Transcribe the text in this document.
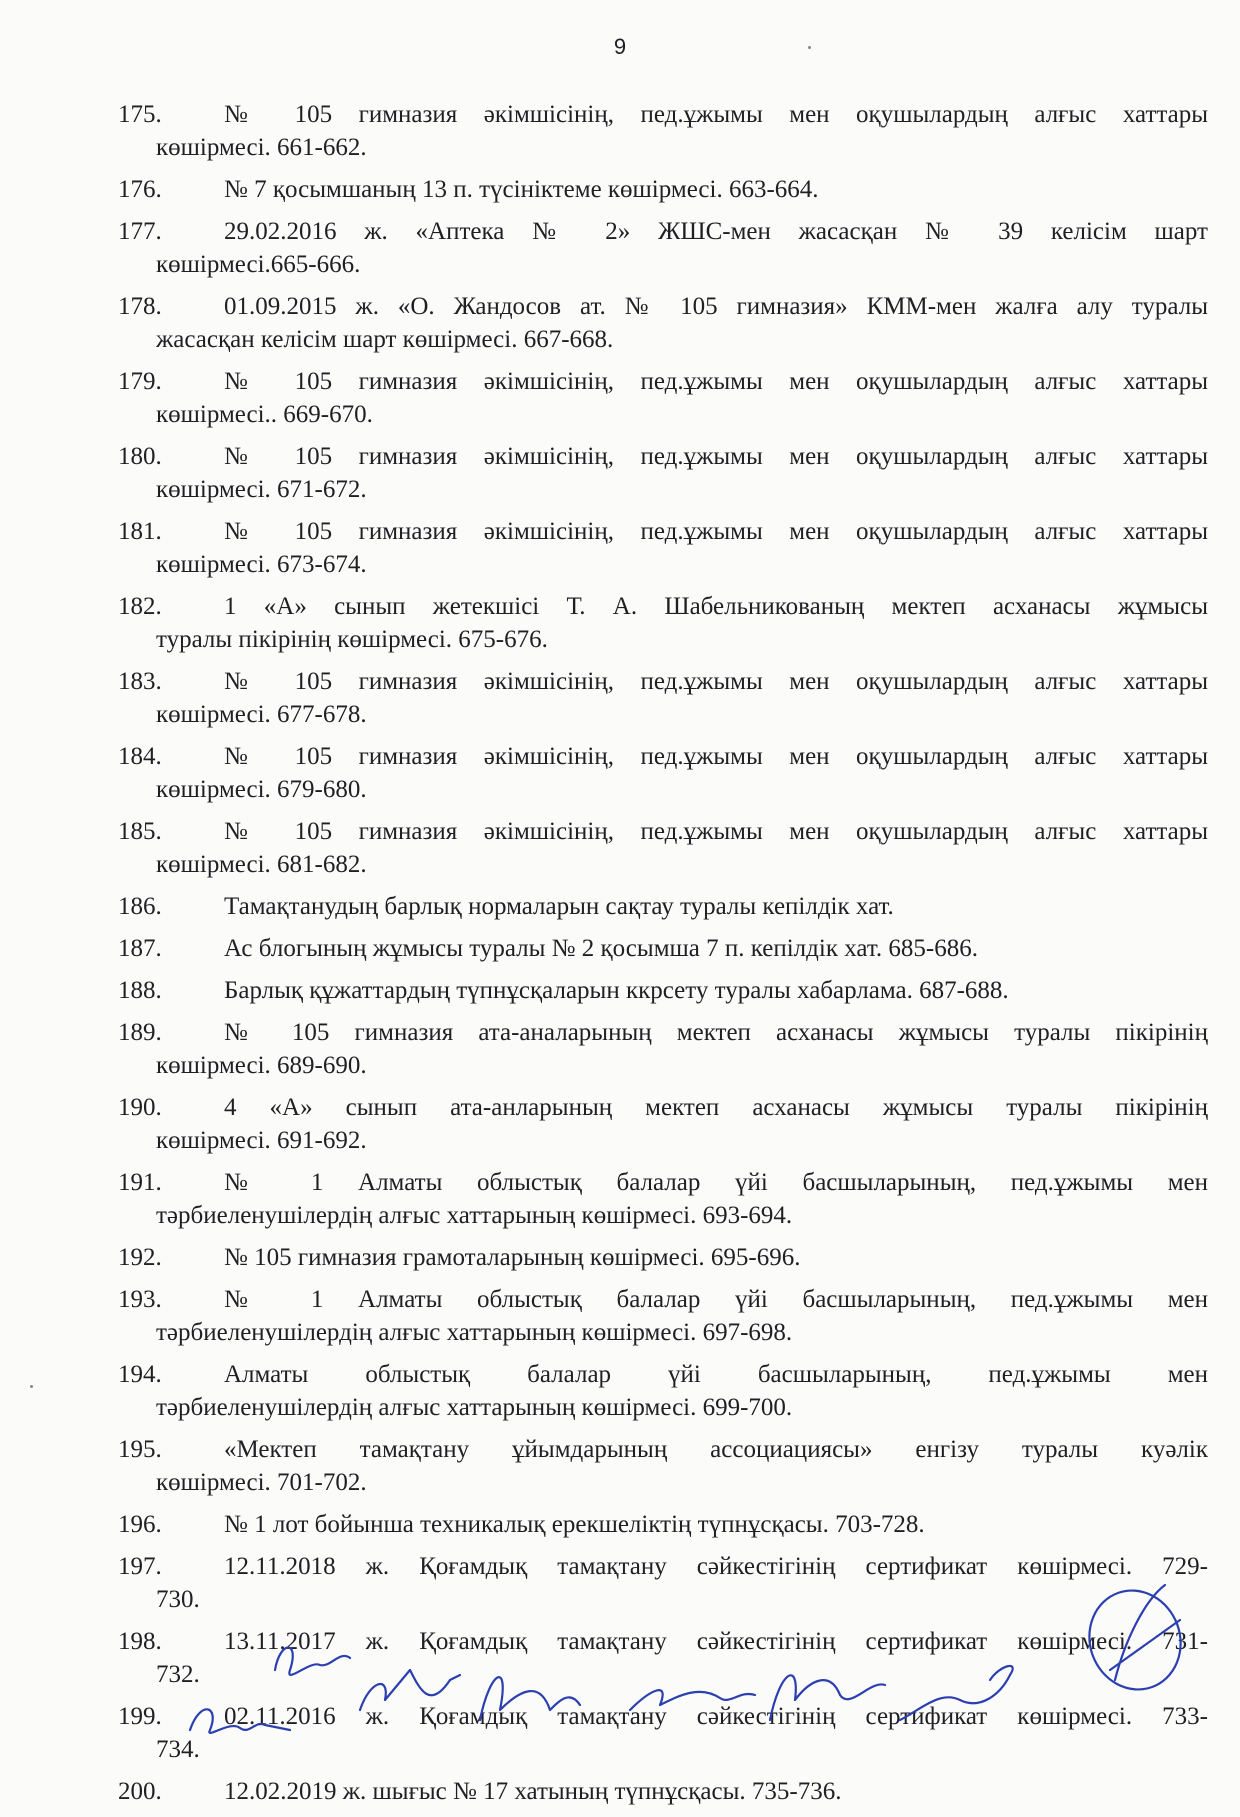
9
175. № 105 гимназия әкімшісінің, пед.ұжымы мен оқушылардың алғыс хаттары
көшірмесі. 661-662.
176. № 7 қосымшаның 13 п. түсініктеме көшірмесі. 663-664.
177. 29.02.2016 ж. «Аптека № 2» ЖШС-мен жасасқан № 39 келісім шарт
көшірмесі.665-666.
178. 01.09.2015 ж. «О. Жандосов ат. № 105 гимназия» КММ-мен жалға алу туралы
жасасқан келісім шарт көшірмесі. 667-668.
179. № 105 гимназия әкімшісінің, пед.ұжымы мен оқушылардың алғыс хаттары
көшірмесі.. 669-670.
180. № 105 гимназия әкімшісінің, пед.ұжымы мен оқушылардың алғыс хаттары
көшірмесі. 671-672.
181. № 105 гимназия әкімшісінің, пед.ұжымы мен оқушылардың алғыс хаттары
көшірмесі. 673-674.
182. 1 «А» сынып жетекшісі Т. А. Шабельникованың мектеп асханасы жұмысы
туралы пікірінің көшірмесі. 675-676.
183. № 105 гимназия әкімшісінің, пед.ұжымы мен оқушылардың алғыс хаттары
көшірмесі. 677-678.
184. № 105 гимназия әкімшісінің, пед.ұжымы мен оқушылардың алғыс хаттары
көшірмесі. 679-680.
185. № 105 гимназия әкімшісінің, пед.ұжымы мен оқушылардың алғыс хаттары
көшірмесі. 681-682.
186. Тамақтанудың барлық нормаларын сақтау туралы кепілдік хат.
187. Ас блогының жұмысы туралы № 2 қосымша 7 п. кепілдік хат. 685-686.
188. Барлық құжаттардың түпнұсқаларын ккрсету туралы хабарлама. 687-688.
189. № 105 гимназия ата-аналарының мектеп асханасы жұмысы туралы пікірінің
көшірмесі. 689-690.
190. 4 «А» сынып ата-анларының мектеп асханасы жұмысы туралы пікірінің
көшірмесі. 691-692.
191. № 1 Алматы облыстық балалар үйі басшыларының, пед.ұжымы мен
тәрбиеленушілердің алғыс хаттарының көшірмесі. 693-694.
192. № 105 гимназия грамоталарының көшірмесі. 695-696.
193. № 1 Алматы облыстық балалар үйі басшыларының, пед.ұжымы мен
тәрбиеленушілердің алғыс хаттарының көшірмесі. 697-698.
194. Алматы облыстық балалар үйі басшыларының, пед.ұжымы мен
тәрбиеленушілердің алғыс хаттарының көшірмесі. 699-700.
195. «Мектеп тамақтану ұйымдарының ассоциациясы» енгізу туралы куәлік
көшірмесі. 701-702.
196. № 1 лот бойынша техникалық ерекшеліктің түпнұсқасы. 703-728.
197. 12.11.2018 ж. Қоғамдық тамақтану сәйкестігінің сертификат көшірмесі. 729-
730.
198. 13.11.2017 ж. Қоғамдық тамақтану сәйкестігінің сертификат көшірмесі. 731-
732.
199. 02.11.2016 ж. Қоғамдық тамақтану сәйкестігінің сертификат көшірмесі. 733-
734.
200. 12.02.2019 ж. шығыс № 17 хатының түпнұсқасы. 735-736.
